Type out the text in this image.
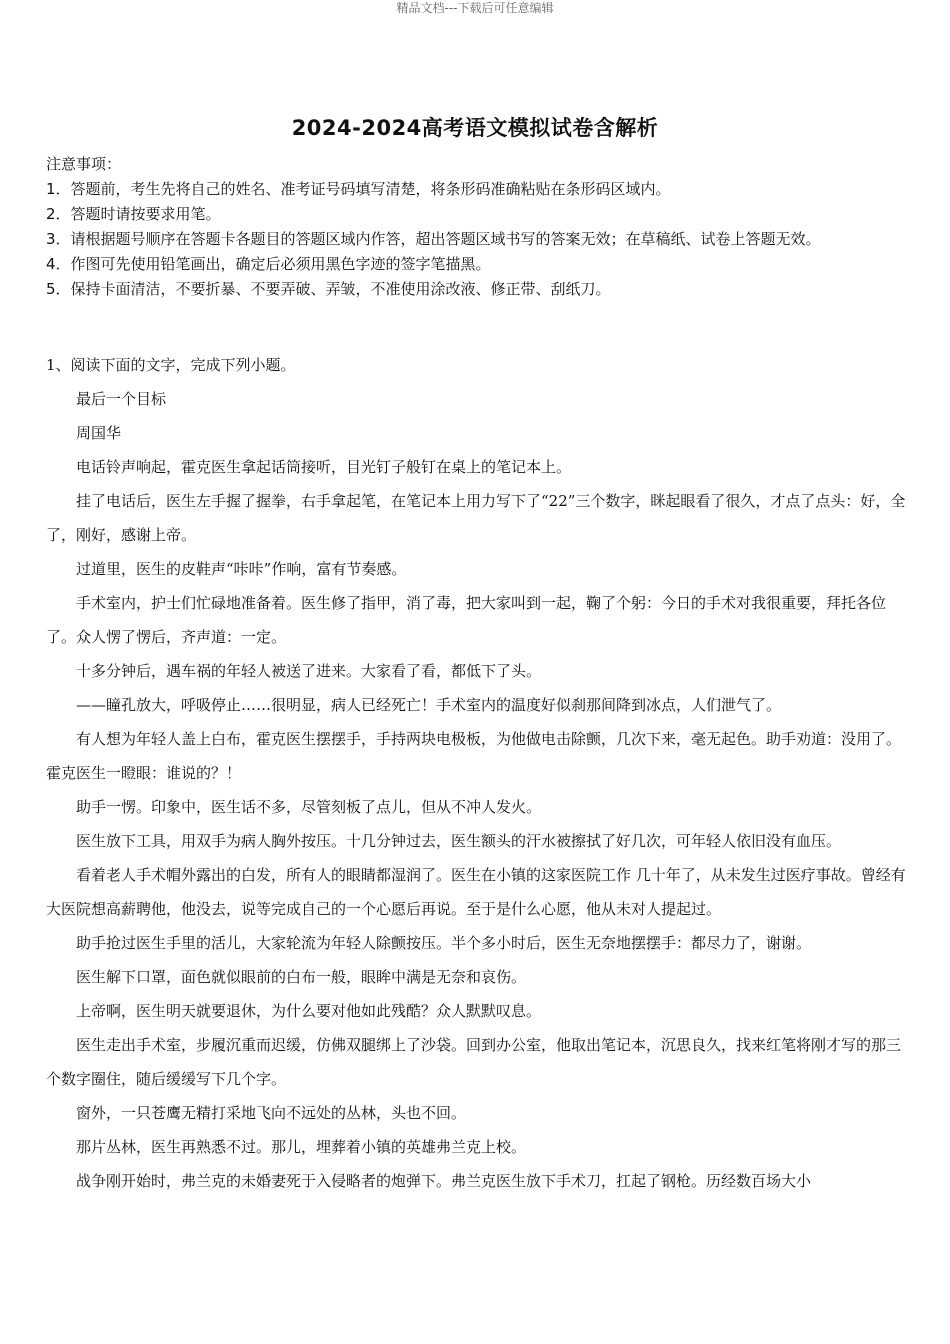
精品文档---下载后可任意编辑
2024-2024高考语文模拟试卷含解析
注意事项：
1．答题前，考生先将自己的姓名、准考证号码填写清楚，将条形码准确粘贴在条形码区域内。
2．答题时请按要求用笔。
3．请根据题号顺序在答题卡各题目的答题区域内作答，超出答题区域书写的答案无效；在草稿纸、试卷上答题无效。
4．作图可先使用铅笔画出，确定后必须用黑色字迹的签字笔描黑。
5．保持卡面清洁，不要折暴、不要弄破、弄皱，不准使用涂改液、修正带、刮纸刀。

1、阅读下面的文字，完成下列小题。

最后一个目标

周国华

电话铃声响起，霍克医生拿起话筒接听，目光钉子般钉在桌上的笔记本上。

挂了电话后，医生左手握了握拳，右手拿起笔，在笔记本上用力写下了“22”三个数字，眯起眼看了很久，才点了点头：好，全了，刚好，感谢上帝。

过道里，医生的皮鞋声“咔咔”作响，富有节奏感。

手术室内，护士们忙碌地准备着。医生修了指甲，消了毒，把大家叫到一起，鞠了个躬：今日的手术对我很重要，拜托各位了。众人愣了愣后，齐声道：一定。

十多分钟后，遇车祸的年轻人被送了进来。大家看了看，都低下了头。

——瞳孔放大，呼吸停止……很明显，病人已经死亡！手术室内的温度好似刹那间降到冰点，人们泄气了。

有人想为年轻人盖上白布，霍克医生摆摆手，手持两块电极板，为他做电击除颤，几次下来，毫无起色。助手劝道：没用了。霍克医生一瞪眼：谁说的？！

助手一愣。印象中，医生话不多，尽管刻板了点儿，但从不冲人发火。

医生放下工具，用双手为病人胸外按压。十几分钟过去，医生额头的汗水被擦拭了好几次，可年轻人依旧没有血压。

看着老人手术帽外露出的白发，所有人的眼睛都湿润了。医生在小镇的这家医院工作 几十年了，从未发生过医疗事故。曾经有大医院想高薪聘他，他没去，说等完成自己的一个心愿后再说。至于是什么心愿，他从未对人提起过。

助手抢过医生手里的活儿，大家轮流为年轻人除颤按压。半个多小时后，医生无奈地摆摆手：都尽力了，谢谢。

医生解下口罩，面色就似眼前的白布一般，眼眸中满是无奈和哀伤。

上帝啊，医生明天就要退休，为什么要对他如此残酷？众人默默叹息。

医生走出手术室，步履沉重而迟缓，仿佛双腿绑上了沙袋。回到办公室，他取出笔记本，沉思良久，找来红笔将刚才写的那三个数字圈住，随后缓缓写下几个字。

窗外，一只苍鹰无精打采地飞向不远处的丛林，头也不回。

那片丛林，医生再熟悉不过。那儿，埋葬着小镇的英雄弗兰克上校。

战争刚开始时，弗兰克的未婚妻死于入侵略者的炮弹下。弗兰克医生放下手术刀，扛起了钢枪。历经数百场大小
